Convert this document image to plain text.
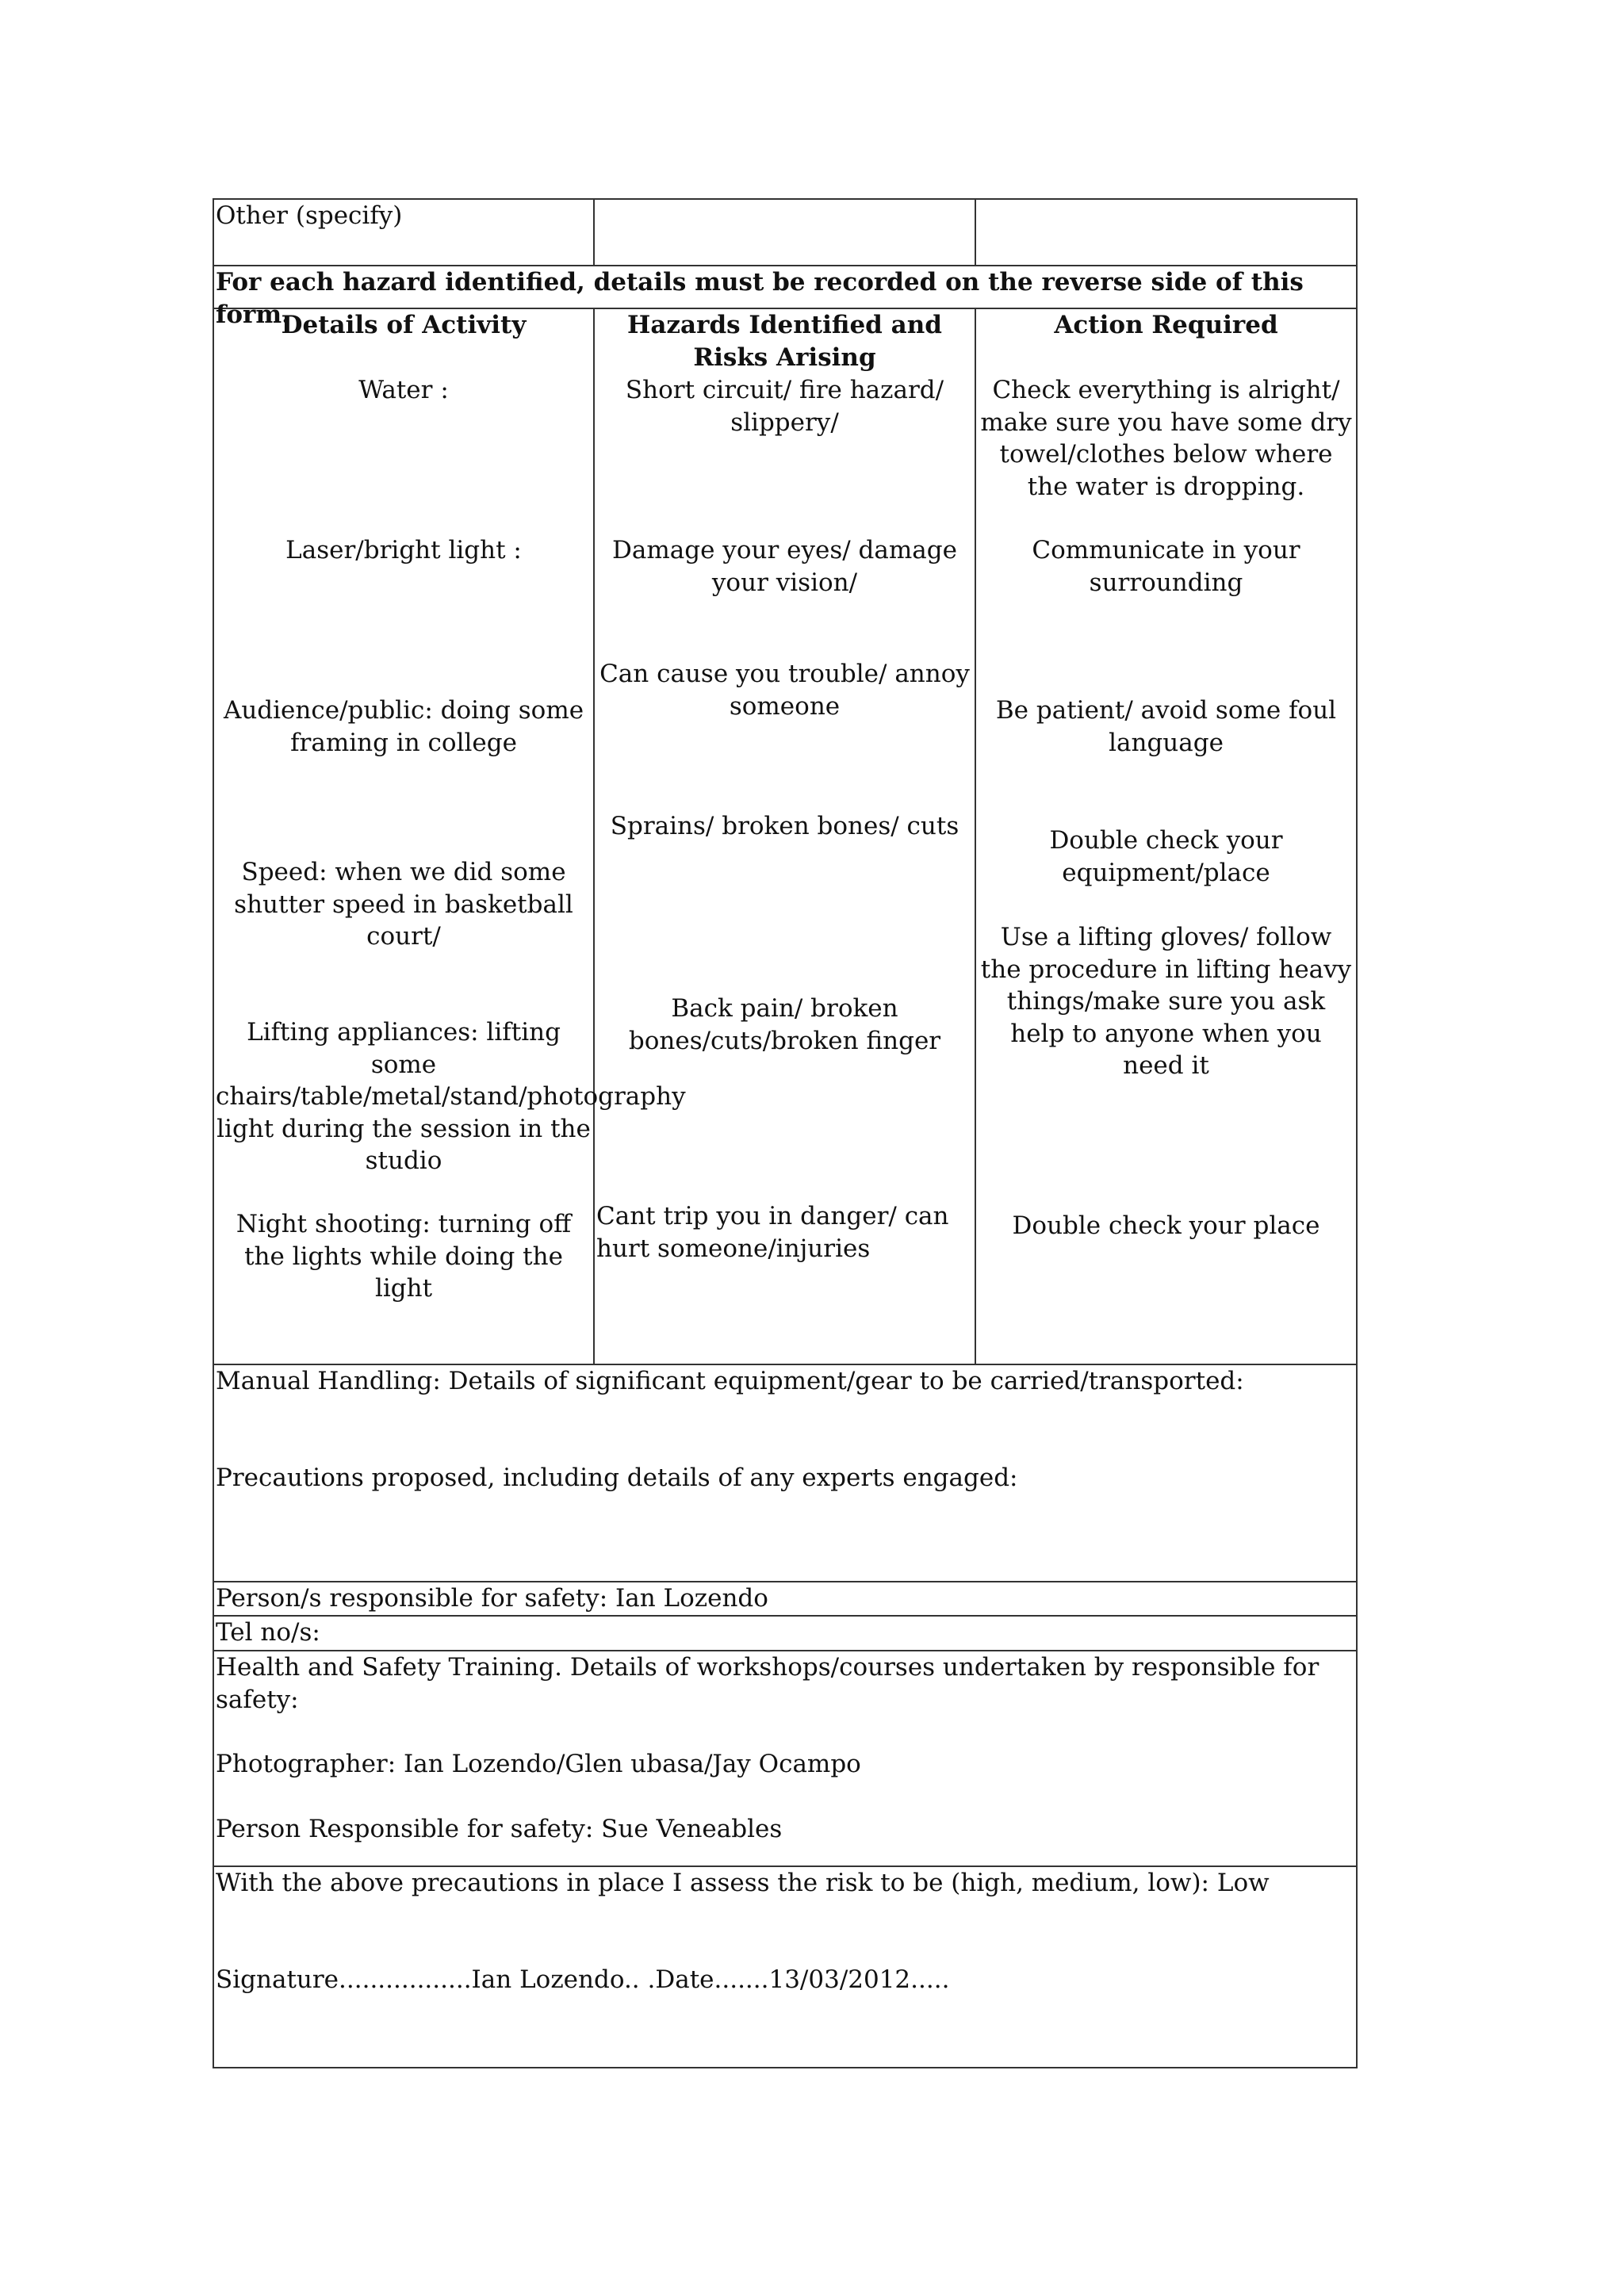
Other (specify)
For each hazard identified, details must be recorded on the reverse side of this form.
Details of Activity
Water :
Laser/bright light :
Audience/public: doing some framing in college
Speed: when we did some shutter speed in basketball court/
Lifting appliances: lifting some chairs/table/metal/stand/photography light during the session in the studio
Night shooting: turning off the lights while doing the light
Hazards Identified and Risks Arising
Short circuit/ fire hazard/ slippery/
Damage your eyes/ damage your vision/
Can cause you trouble/ annoy someone
Sprains/ broken bones/ cuts
Back pain/ broken bones/cuts/broken finger
Cant trip you in danger/ can hurt someone/injuries
Action Required
Check everything is alright/ make sure you have some dry towel/clothes below where the water is dropping.
Communicate in your surrounding
Be patient/ avoid some foul language
Double check your equipment/place
Use a lifting gloves/ follow the procedure in lifting heavy things/make sure you ask help to anyone when you need it
Double check your place
Manual Handling: Details of significant equipment/gear to be carried/transported:
Precautions proposed, including details of any experts engaged:
Person/s responsible for safety: Ian Lozendo
Tel no/s:
Health and Safety Training. Details of workshops/courses undertaken by responsible for safety:
Photographer: Ian Lozendo/Glen ubasa/Jay Ocampo
Person Responsible for safety: Sue Veneables
With the above precautions in place I assess the risk to be (high, medium, low): Low
Signature.................Ian Lozendo.. .Date.......13/03/2012.....
